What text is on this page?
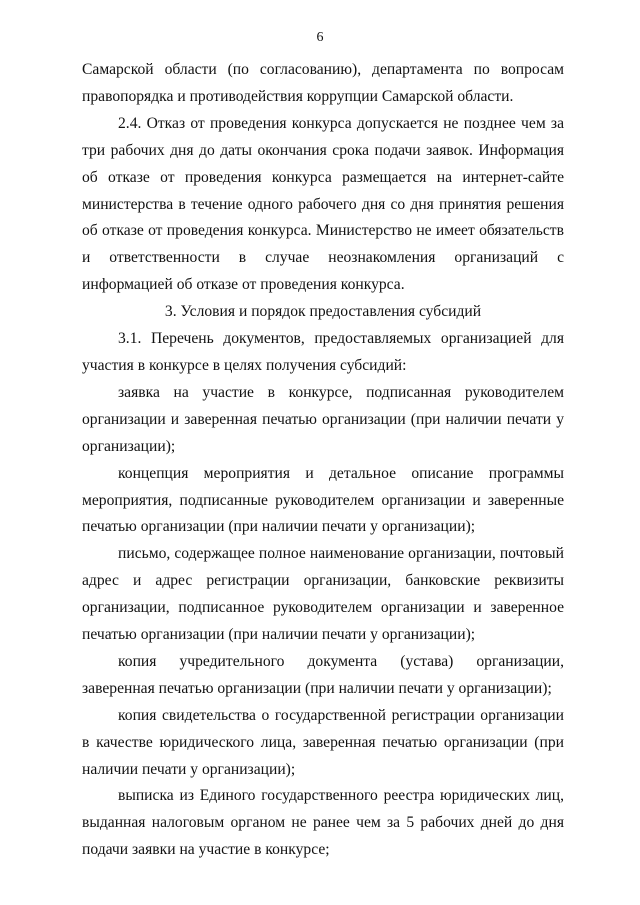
6

Самарской области (по согласованию), департамента по вопросам правопорядка и противодействия коррупции Самарской области.

2.4. Отказ от проведения конкурса допускается не позднее чем за три рабочих дня до даты окончания срока подачи заявок. Информация об отказе от проведения конкурса размещается на интернет-сайте министерства в течение одного рабочего дня со дня принятия решения об отказе от проведения конкурса. Министерство не имеет обязательств и ответственности в случае неознакомления организаций с информацией об отказе от проведения конкурса.

3. Условия и порядок предоставления субсидий

3.1. Перечень документов, предоставляемых организацией для участия в конкурсе в целях получения субсидий:

заявка на участие в конкурсе, подписанная руководителем организации и заверенная печатью организации (при наличии печати у организации);

концепция мероприятия и детальное описание программы мероприятия, подписанные руководителем организации и заверенные печатью организации (при наличии печати у организации);

письмо, содержащее полное наименование организации, почтовый адрес и адрес регистрации организации, банковские реквизиты организации, подписанное руководителем организации и заверенное печатью организации (при наличии печати у организации);

копия учредительного документа (устава) организации, заверенная печатью организации (при наличии печати у организации);

копия свидетельства о государственной регистрации организации в качестве юридического лица, заверенная печатью организации (при наличии печати у организации);

выписка из Единого государственного реестра юридических лиц, выданная налоговым органом не ранее чем за 5 рабочих дней до дня подачи заявки на участие в конкурсе;
